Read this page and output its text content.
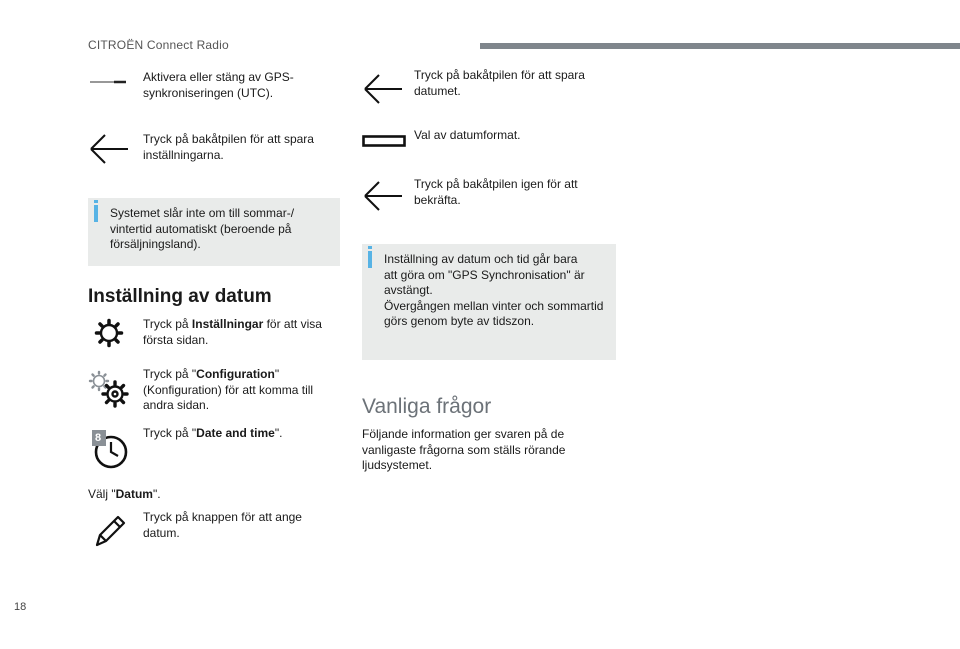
CITROËN Connect Radio
Aktivera eller stäng av GPS-
synkroniseringen (UTC).
Tryck på bakåtpilen för att spara
inställningarna.
Systemet slår inte om till sommar-/
vintertid automatiskt (beroende på
försäljningsland).
Inställning av datum
Tryck på Inställningar för att visa
första sidan.
Tryck på "Configuration"
(Konfiguration) för att komma till
andra sidan.
8	Tryck på "Date and time".
Välj "Datum".
Tryck på knappen för att ange
datum.
Tryck på bakåtpilen för att spara
datumet.
Val av datumformat.
Tryck på bakåtpilen igen för att
bekräfta.
Inställning av datum och tid går bara
att göra om "GPS Synchronisation" är
avstängt.
Övergången mellan vinter och sommartid
görs genom byte av tidszon.
Vanliga frågor
Följande information ger svaren på de
vanligaste frågorna som ställs rörande
ljudsystemet.
18
